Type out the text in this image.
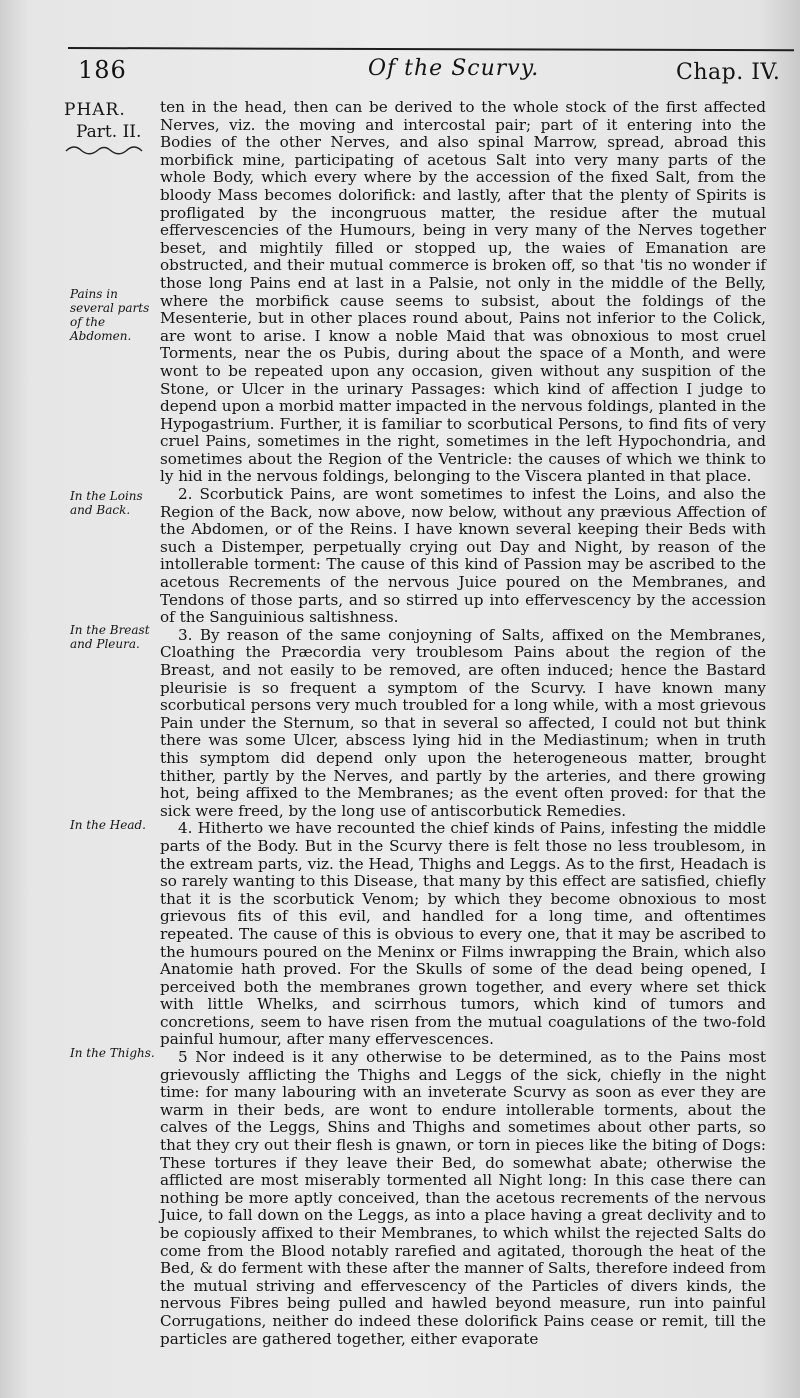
186	Of the Scurvy.	Chap. IV.
PHAR.
Part. II.
Pains in several parts of the Abdomen.
In the Loins and Back.
In the Breast and Pleura.
In the Head.
In the Thighs.

ten in the head, then can be derived to the whole stock of the first affected Nerves, viz. the moving and intercostal pair; part of it entering into the Bodies of the other Nerves, and also spinal Marrow, spread, abroad this morbifick mine, participating of acetous Salt into very many parts of the whole Body, which every where by the accession of the fixed Salt, from the bloody Mass becomes dolorifick: and lastly, after that the plenty of Spirits is profligated by the incongruous matter, the residue after the mutual effervescencies of the Humours, being in very many of the Nerves together beset, and mightily filled or stopped up, the waies of Emanation are obstructed, and their mutual commerce is broken off, so that 'tis no wonder if those long Pains end at last in a Palsie, not only in the middle of the Belly, where the morbifick cause seems to subsist, about the foldings of the Mesenterie, but in other places round about, Pains not inferior to the Colick, are wont to arise. I know a noble Maid that was obnoxious to most cruel Torments, near the os Pubis, during about the space of a Month, and were wont to be repeated upon any occasion, given without any suspition of the Stone, or Ulcer in the urinary Passages: which kind of affection I judge to depend upon a morbid matter impacted in the nervous foldings, planted in the Hypogastrium. Further, it is familiar to scorbutical Persons, to find fits of very cruel Pains, sometimes in the right, sometimes in the left Hypochondria, and sometimes about the Region of the Ventricle: the causes of which we think to ly hid in the nervous foldings, belonging to the Viscera planted in that place.

2. Scorbutick Pains, are wont sometimes to infest the Loins, and also the Region of the Back, now above, now below, without any prævious Affection of the Abdomen, or of the Reins. I have known several keeping their Beds with such a Distemper, perpetually crying out Day and Night, by reason of the intollerable torment: The cause of this kind of Passion may be ascribed to the acetous Recrements of the nervous Juice poured on the Membranes, and Tendons of those parts, and so stirred up into effervescency by the accession of the Sanguinious saltishness.

3. By reason of the same conjoyning of Salts, affixed on the Membranes, Cloathing the Præcordia very troublesom Pains about the region of the Breast, and not easily to be removed, are often induced; hence the Bastard pleurisie is so frequent a symptom of the Scurvy. I have known many scorbutical persons very much troubled for a long while, with a most grievous Pain under the Sternum, so that in several so affected, I could not but think there was some Ulcer, abscess lying hid in the Mediastinum; when in truth this symptom did depend only upon the heterogeneous matter, brought thither, partly by the Nerves, and partly by the arteries, and there growing hot, being affixed to the Membranes; as the event often proved: for that the sick were freed, by the long use of antiscorbutick Remedies.

4. Hitherto we have recounted the chief kinds of Pains, infesting the middle parts of the Body. But in the Scurvy there is felt those no less troublesom, in the extream parts, viz. the Head, Thighs and Leggs. As to the first, Headach is so rarely wanting to this Disease, that many by this effect are satisfied, chiefly that it is the scorbutick Venom; by which they become obnoxious to most grievous fits of this evil, and handled for a long time, and oftentimes repeated. The cause of this is obvious to every one, that it may be ascribed to the humours poured on the Meninx or Films inwrapping the Brain, which also Anatomie hath proved. For the Skulls of some of the dead being opened, I perceived both the membranes grown together, and every where set thick with little Whelks, and scirrhous tumors, which kind of tumors and concretions, seem to have risen from the mutual coagulations of the two-fold painful humour, after many effervescences.

5 Nor indeed is it any otherwise to be determined, as to the Pains most grievously afflicting the Thighs and Leggs of the sick, chiefly in the night time: for many labouring with an inveterate Scurvy as soon as ever they are warm in their beds, are wont to endure intollerable torments, about the calves of the Leggs, Shins and Thighs and sometimes about other parts, so that they cry out their flesh is gnawn, or torn in pieces like the biting of Dogs: These tortures if they leave their Bed, do somewhat abate; otherwise the afflicted are most miserably tormented all Night long: In this case there can nothing be more aptly conceived, than the acetous recrements of the nervous Juice, to fall down on the Leggs, as into a place having a great declivity and to be copiously affixed to their Membranes, to which whilst the rejected Salts do come from the Blood notably rarefied and agitated, thorough the heat of the Bed, & do ferment with these after the manner of Salts, therefore indeed from the mutual striving and effervescency of the Particles of divers kinds, the nervous Fibres being pulled and hawled beyond measure, run into painful Corrugations, neither do indeed these dolorifick Pains cease or remit, till the particles are gathered together, either evaporate
